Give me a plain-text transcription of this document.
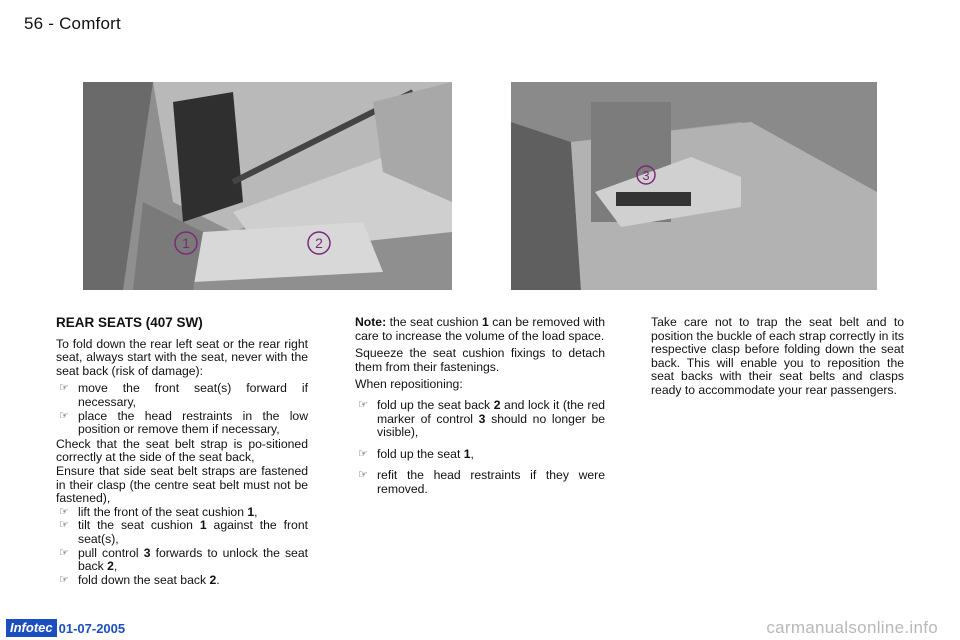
56 - Comfort
1	2
3
REAR SEATS (407 SW)

To fold down the rear left seat or the rear right seat, always start with the seat, never with the seat back (risk of damage):

☞ move the front seat(s) forward if necessary,
☞ place the head restraints in the low position or remove them if necessary,

Check that the seat belt strap is po-sitioned correctly at the side of the seat back,

Ensure that side seat belt straps are fastened in their clasp (the centre seat belt must not be fastened),

☞ lift the front of the seat cushion 1,
☞ tilt the seat cushion 1 against the front seat(s),
☞ pull control 3 forwards to unlock the seat back 2,
☞ fold down the seat back 2.

Note: the seat cushion 1 can be removed with care to increase the volume of the load space.

Squeeze the seat cushion fixings to detach them from their fastenings.

When repositioning:

☞ fold up the seat back 2 and lock it (the red marker of control 3 should no longer be visible),
☞ fold up the seat 1,
☞ refit the head restraints if they were removed.

Take care not to trap the seat belt and to position the buckle of each strap correctly in its respective clasp before folding down the seat back. This will enable you to reposition the seat backs with their seat belts and clasps ready to accommodate your rear passengers.

Infotec 01-07-2005	carmanualsonline.info
